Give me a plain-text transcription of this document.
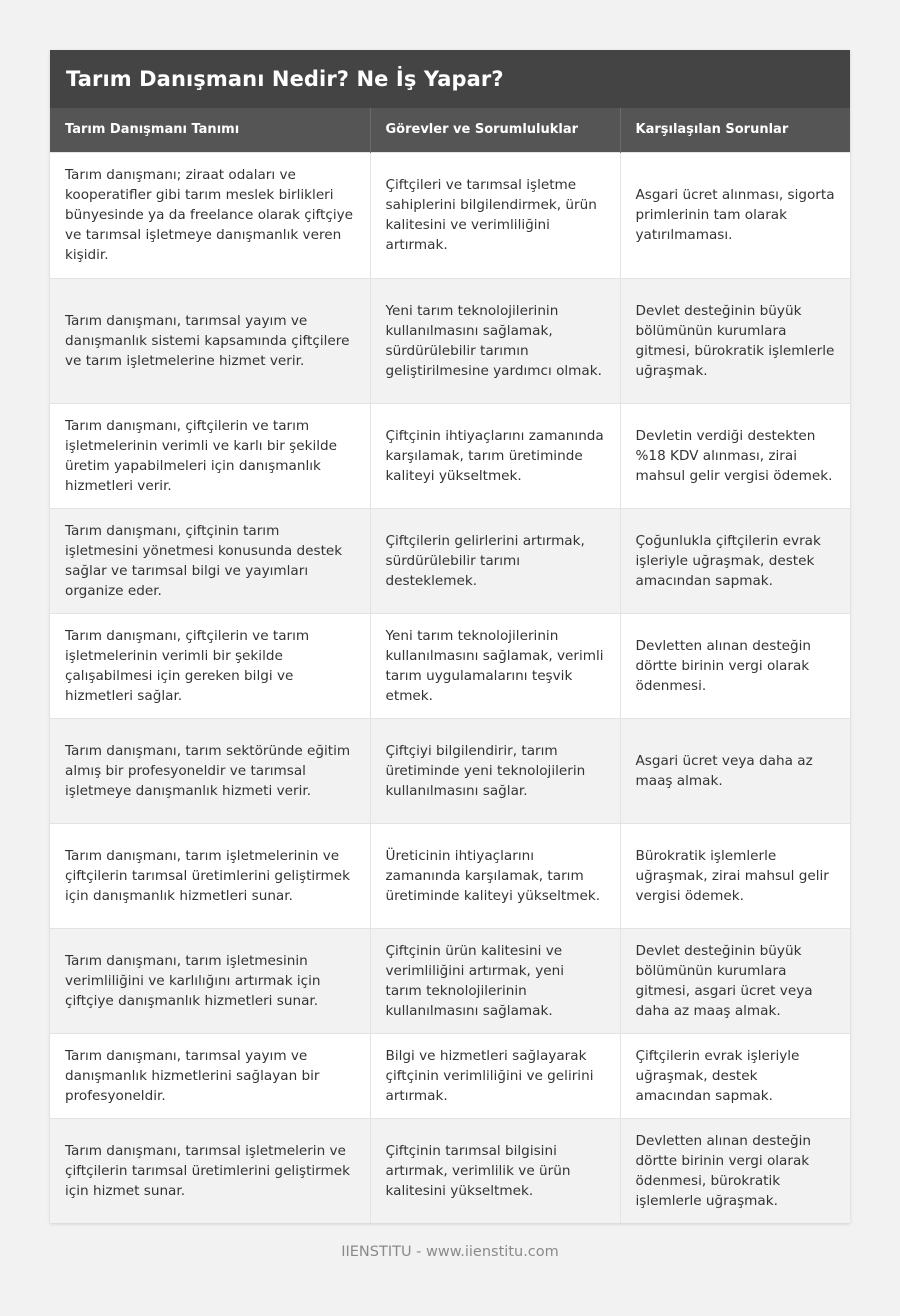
Tarım Danışmanı Nedir? Ne İş Yapar?
Tarım Danışmanı Tanımı	Görevler ve Sorumluluklar	Karşılaşılan Sorunlar
Tarım danışmanı; ziraat odaları ve kooperatifler gibi tarım meslek birlikleri bünyesinde ya da freelance olarak çiftçiye ve tarımsal işletmeye danışmanlık veren kişidir.	Çiftçileri ve tarımsal işletme sahiplerini bilgilendirmek, ürün kalitesini ve verimliliğini artırmak.	Asgari ücret alınması, sigorta primlerinin tam olarak yatırılmaması.
Tarım danışmanı, tarımsal yayım ve danışmanlık sistemi kapsamında çiftçilere ve tarım işletmelerine hizmet verir.	Yeni tarım teknolojilerinin kullanılmasını sağlamak, sürdürülebilir tarımın geliştirilmesine yardımcı olmak.	Devlet desteğinin büyük bölümünün kurumlara gitmesi, bürokratik işlemlerle uğraşmak.
Tarım danışmanı, çiftçilerin ve tarım işletmelerinin verimli ve karlı bir şekilde üretim yapabilmeleri için danışmanlık hizmetleri verir.	Çiftçinin ihtiyaçlarını zamanında karşılamak, tarım üretiminde kaliteyi yükseltmek.	Devletin verdiği destekten %18 KDV alınması, zirai mahsul gelir vergisi ödemek.
Tarım danışmanı, çiftçinin tarım işletmesini yönetmesi konusunda destek sağlar ve tarımsal bilgi ve yayımları organize eder.	Çiftçilerin gelirlerini artırmak, sürdürülebilir tarımı desteklemek.	Çoğunlukla çiftçilerin evrak işleriyle uğraşmak, destek amacından sapmak.
Tarım danışmanı, çiftçilerin ve tarım işletmelerinin verimli bir şekilde çalışabilmesi için gereken bilgi ve hizmetleri sağlar.	Yeni tarım teknolojilerinin kullanılmasını sağlamak, verimli tarım uygulamalarını teşvik etmek.	Devletten alınan desteğin dörtte birinin vergi olarak ödenmesi.
Tarım danışmanı, tarım sektöründe eğitim almış bir profesyoneldir ve tarımsal işletmeye danışmanlık hizmeti verir.	Çiftçiyi bilgilendirir, tarım üretiminde yeni teknolojilerin kullanılmasını sağlar.	Asgari ücret veya daha az maaş almak.
Tarım danışmanı, tarım işletmelerinin ve çiftçilerin tarımsal üretimlerini geliştirmek için danışmanlık hizmetleri sunar.	Üreticinin ihtiyaçlarını zamanında karşılamak, tarım üretiminde kaliteyi yükseltmek.	Bürokratik işlemlerle uğraşmak, zirai mahsul gelir vergisi ödemek.
Tarım danışmanı, tarım işletmesinin verimliliğini ve karlılığını artırmak için çiftçiye danışmanlık hizmetleri sunar.	Çiftçinin ürün kalitesini ve verimliliğini artırmak, yeni tarım teknolojilerinin kullanılmasını sağlamak.	Devlet desteğinin büyük bölümünün kurumlara gitmesi, asgari ücret veya daha az maaş almak.
Tarım danışmanı, tarımsal yayım ve danışmanlık hizmetlerini sağlayan bir profesyoneldir.	Bilgi ve hizmetleri sağlayarak çiftçinin verimliliğini ve gelirini artırmak.	Çiftçilerin evrak işleriyle uğraşmak, destek amacından sapmak.
Tarım danışmanı, tarımsal işletmelerin ve çiftçilerin tarımsal üretimlerini geliştirmek için hizmet sunar.	Çiftçinin tarımsal bilgisini artırmak, verimlilik ve ürün kalitesini yükseltmek.	Devletten alınan desteğin dörtte birinin vergi olarak ödenmesi, bürokratik işlemlerle uğraşmak.
IIENSTITU - www.iienstitu.com
